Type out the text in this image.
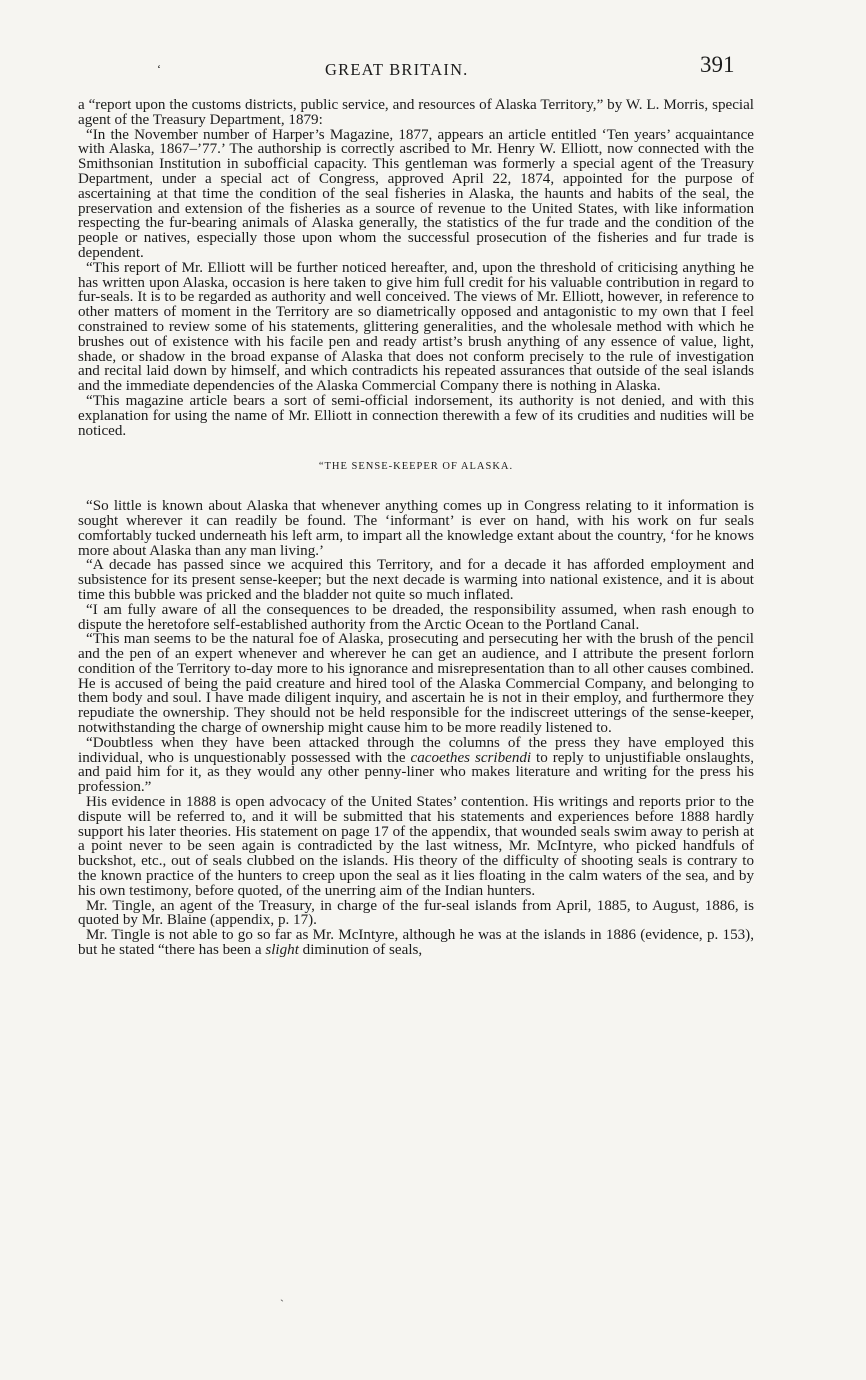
ʻ	GREAT BRITAIN.	391

a “report upon the customs districts, public service, and resources of Alaska Territory,” by W. L. Morris, special agent of the Treasury Department, 1879:

“In the November number of Harper’s Magazine, 1877, appears an article entitled ‘Ten years’ acquaintance with Alaska, 1867–’77.’ The authorship is correctly ascribed to Mr. Henry W. Elliott, now connected with the Smithsonian Institution in subofficial capacity. This gentleman was formerly a special agent of the Treasury Department, under a special act of Congress, approved April 22, 1874, appointed for the purpose of ascertaining at that time the condition of the seal fisheries in Alaska, the haunts and habits of the seal, the preservation and extension of the fisheries as a source of revenue to the United States, with like information respecting the fur-bearing animals of Alaska generally, the statistics of the fur trade and the condition of the people or natives, especially those upon whom the successful prosecution of the fisheries and fur trade is dependent.

“This report of Mr. Elliott will be further noticed hereafter, and, upon the threshold of criticising anything he has written upon Alaska, occasion is here taken to give him full credit for his valuable contribution in regard to fur-seals. It is to be regarded as authority and well conceived. The views of Mr. Elliott, however, in reference to other matters of moment in the Territory are so diametrically opposed and antagonistic to my own that I feel constrained to review some of his statements, glittering generalities, and the wholesale method with which he brushes out of existence with his facile pen and ready artist’s brush anything of any essence of value, light, shade, or shadow in the broad expanse of Alaska that does not conform precisely to the rule of investigation and recital laid down by himself, and which contradicts his repeated assurances that outside of the seal islands and the immediate dependencies of the Alaska Commercial Company there is nothing in Alaska.

“This magazine article bears a sort of semi-official indorsement, its authority is not denied, and with this explanation for using the name of Mr. Elliott in connection therewith a few of its crudities and nudities will be noticed.

“THE SENSE-KEEPER OF ALASKA.

“So little is known about Alaska that whenever anything comes up in Congress relating to it information is sought wherever it can readily be found. The ‘informant’ is ever on hand, with his work on fur seals comfortably tucked underneath his left arm, to impart all the knowledge extant about the country, ‘for he knows more about Alaska than any man living.’

“A decade has passed since we acquired this Territory, and for a decade it has afforded employment and subsistence for its present sense-keeper; but the next decade is warming into national existence, and it is about time this bubble was pricked and the bladder not quite so much inflated.

“I am fully aware of all the consequences to be dreaded, the responsibility assumed, when rash enough to dispute the heretofore self-established authority from the Arctic Ocean to the Portland Canal.

“This man seems to be the natural foe of Alaska, prosecuting and persecuting her with the brush of the pencil and the pen of an expert whenever and wherever he can get an audience, and I attribute the present forlorn condition of the Territory to-day more to his ignorance and misrepresentation than to all other causes combined. He is accused of being the paid creature and hired tool of the Alaska Commercial Company, and belonging to them body and soul. I have made diligent inquiry, and ascertain he is not in their employ, and furthermore they repudiate the ownership. They should not be held responsible for the indiscreet utterings of the sense-keeper, notwithstanding the charge of ownership might cause him to be more readily listened to.

“Doubtless when they have been attacked through the columns of the press they have employed this individual, who is unquestionably possessed with the cacoethes scribendi to reply to unjustifiable onslaughts, and paid him for it, as they would any other penny-liner who makes literature and writing for the press his profession.”

His evidence in 1888 is open advocacy of the United States’ contention. His writings and reports prior to the dispute will be referred to, and it will be submitted that his statements and experiences before 1888 hardly support his later theories. His statement on page 17 of the appendix, that wounded seals swim away to perish at a point never to be seen again is contradicted by the last witness, Mr. McIntyre, who picked handfuls of buckshot, etc., out of seals clubbed on the islands. His theory of the difficulty of shooting seals is contrary to the known practice of the hunters to creep upon the seal as it lies floating in the calm waters of the sea, and by his own testimony, before quoted, of the unerring aim of the Indian hunters.

Mr. Tingle, an agent of the Treasury, in charge of the fur-seal islands from April, 1885, to August, 1886, is quoted by Mr. Blaine (appendix, p. 17).

Mr. Tingle is not able to go so far as Mr. McIntyre, although he was at the islands in 1886 (evidence, p. 153), but he stated “there has been a slight diminution of seals,

ˎ
